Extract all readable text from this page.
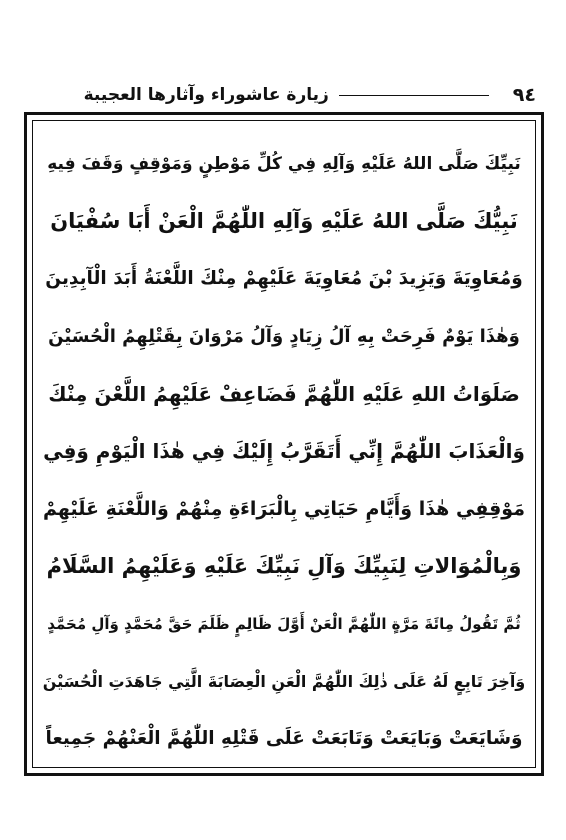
٩٤
زيارة عاشوراء وآثارها العجيبة
نَبِيِّكَ صَلَّى اللهُ عَلَيْهِ وَآلِهِ فِي كُلِّ مَوْطِنٍ وَمَوْقِفٍ وَقَفَ فِيهِ
نَبِيُّكَ صَلَّى اللهُ عَلَيْهِ وَآلِهِ اللّٰهُمَّ الْعَنْ أَبَا سُفْيَانَ
وَمُعَاوِيَةَ وَيَزِيدَ بْنَ مُعَاوِيَةَ عَلَيْهِمْ مِنْكَ اللَّعْنَةُ أَبَدَ الْآبِدِينَ
وَهٰذَا يَوْمٌ فَرِحَتْ بِهِ آلُ زِيَادٍ وَآلُ مَرْوَانَ بِقَتْلِهِمُ الْحُسَيْنَ
صَلَوَاتُ اللهِ عَلَيْهِ اللّٰهُمَّ فَضَاعِفْ عَلَيْهِمُ اللَّعْنَ مِنْكَ
وَالْعَذَابَ اللّٰهُمَّ إِنِّي أَتَقَرَّبُ إِلَيْكَ فِي هٰذَا الْيَوْمِ وَفِي
مَوْقِفِي هٰذَا وَأَيَّامِ حَيَاتِي بِالْبَرَاءَةِ مِنْهُمْ وَاللَّعْنَةِ عَلَيْهِمْ
وَبِالْمُوَالاتِ لِنَبِيِّكَ وَآلِ نَبِيِّكَ عَلَيْهِ وَعَلَيْهِمُ السَّلَامُ
ثُمَّ تَقُولُ مِائَةَ مَرَّةٍ اللّٰهُمَّ الْعَنْ أَوَّلَ ظَالِمٍ ظَلَمَ حَقَّ مُحَمَّدٍ وَآلِ مُحَمَّدٍ
وَآخِرَ تَابِعٍ لَهُ عَلَى ذٰلِكَ اللّٰهُمَّ الْعَنِ الْعِصَابَةَ الَّتِي جَاهَدَتِ الْحُسَيْنَ
وَشَايَعَتْ وَبَايَعَتْ وَتَابَعَتْ عَلَى قَتْلِهِ اللّٰهُمَّ الْعَنْهُمْ جَمِيعاً
